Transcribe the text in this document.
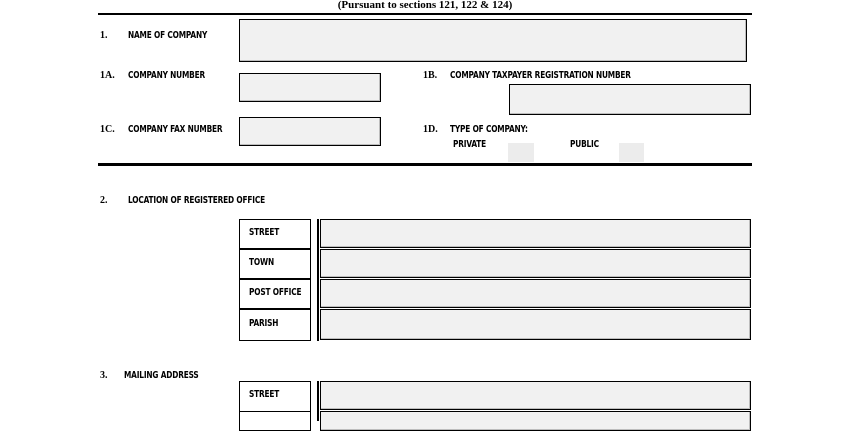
(Pursuant to sections 121, 122 & 124)
1. NAME OF COMPANY
1A. COMPANY NUMBER	1B. COMPANY TAXPAYER REGISTRATION NUMBER
1C. COMPANY FAX NUMBER	1D. TYPE OF COMPANY:
PRIVATE	PUBLIC
2. LOCATION OF REGISTERED OFFICE
STREET
TOWN
POST OFFICE
PARISH
3. MAILING ADDRESS
STREET
